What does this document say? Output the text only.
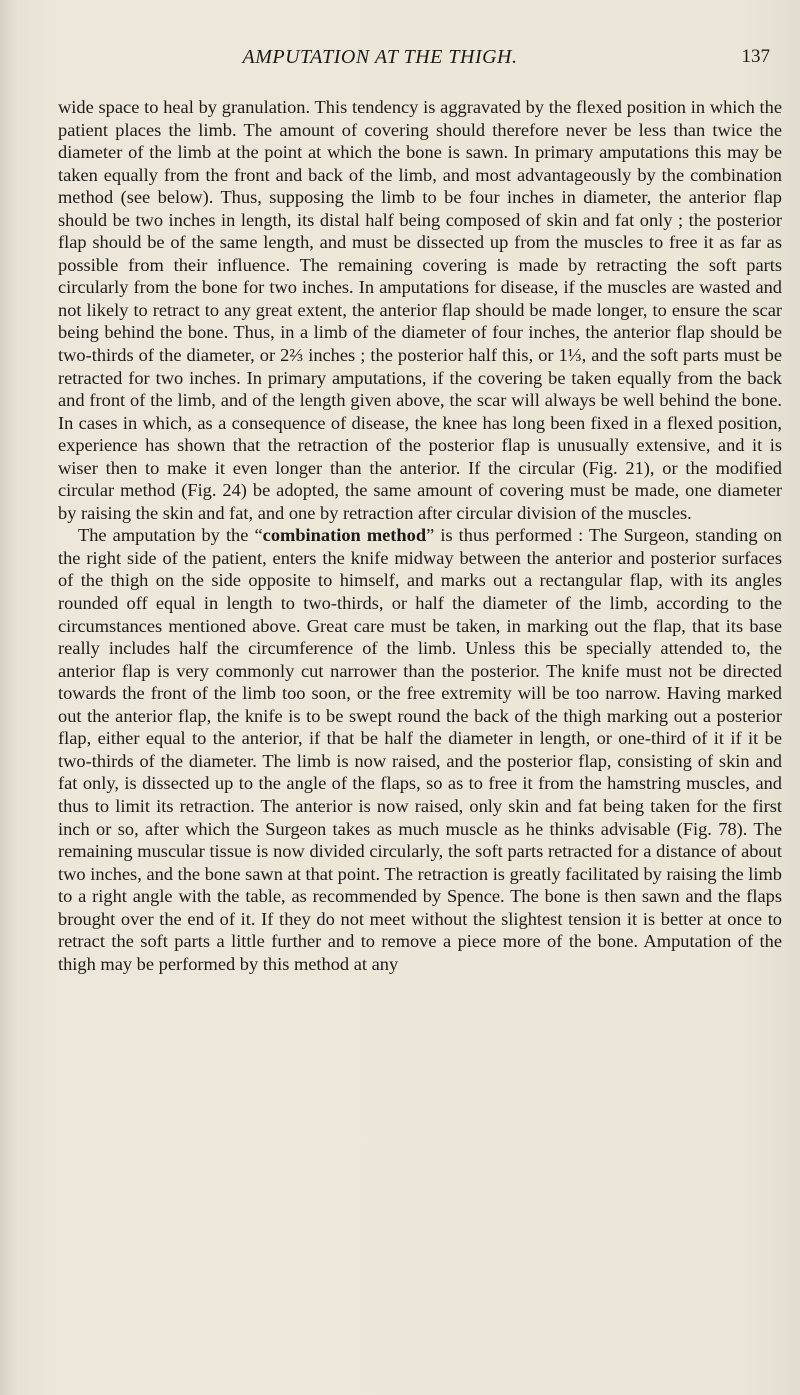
AMPUTATION AT THE THIGH.	137

wide space to heal by granulation. This tendency is aggravated by the flexed position in which the patient places the limb. The amount of covering should therefore never be less than twice the diameter of the limb at the point at which the bone is sawn. In primary amputations this may be taken equally from the front and back of the limb, and most advantageously by the combination method (see below). Thus, supposing the limb to be four inches in diameter, the anterior flap should be two inches in length, its distal half being composed of skin and fat only ; the posterior flap should be of the same length, and must be dissected up from the muscles to free it as far as possible from their influence. The remaining covering is made by retracting the soft parts circularly from the bone for two inches. In amputations for disease, if the muscles are wasted and not likely to retract to any great extent, the anterior flap should be made longer, to ensure the scar being behind the bone. Thus, in a limb of the diameter of four inches, the anterior flap should be two-thirds of the diameter, or 2⅔ inches ; the posterior half this, or 1⅓, and the soft parts must be retracted for two inches. In primary amputations, if the covering be taken equally from the back and front of the limb, and of the length given above, the scar will always be well behind the bone. In cases in which, as a consequence of disease, the knee has long been fixed in a flexed position, experience has shown that the retraction of the posterior flap is unusually extensive, and it is wiser then to make it even longer than the anterior. If the circular (Fig. 21), or the modified circular method (Fig. 24) be adopted, the same amount of covering must be made, one diameter by raising the skin and fat, and one by retraction after circular division of the muscles.

The amputation by the “combination method” is thus performed : The Surgeon, standing on the right side of the patient, enters the knife midway between the anterior and posterior surfaces of the thigh on the side opposite to himself, and marks out a rectangular flap, with its angles rounded off equal in length to two-thirds, or half the diameter of the limb, according to the circumstances mentioned above. Great care must be taken, in marking out the flap, that its base really includes half the circumference of the limb. Unless this be specially attended to, the anterior flap is very commonly cut narrower than the posterior. The knife must not be directed towards the front of the limb too soon, or the free extremity will be too narrow. Having marked out the anterior flap, the knife is to be swept round the back of the thigh marking out a posterior flap, either equal to the anterior, if that be half the diameter in length, or one-third of it if it be two-thirds of the diameter. The limb is now raised, and the posterior flap, consisting of skin and fat only, is dissected up to the angle of the flaps, so as to free it from the hamstring muscles, and thus to limit its retraction. The anterior is now raised, only skin and fat being taken for the first inch or so, after which the Surgeon takes as much muscle as he thinks advisable (Fig. 78). The remaining muscular tissue is now divided circularly, the soft parts retracted for a distance of about two inches, and the bone sawn at that point. The retraction is greatly facilitated by raising the limb to a right angle with the table, as recommended by Spence. The bone is then sawn and the flaps brought over the end of it. If they do not meet without the slightest tension it is better at once to retract the soft parts a little further and to remove a piece more of the bone. Amputation of the thigh may be performed by this method at any
